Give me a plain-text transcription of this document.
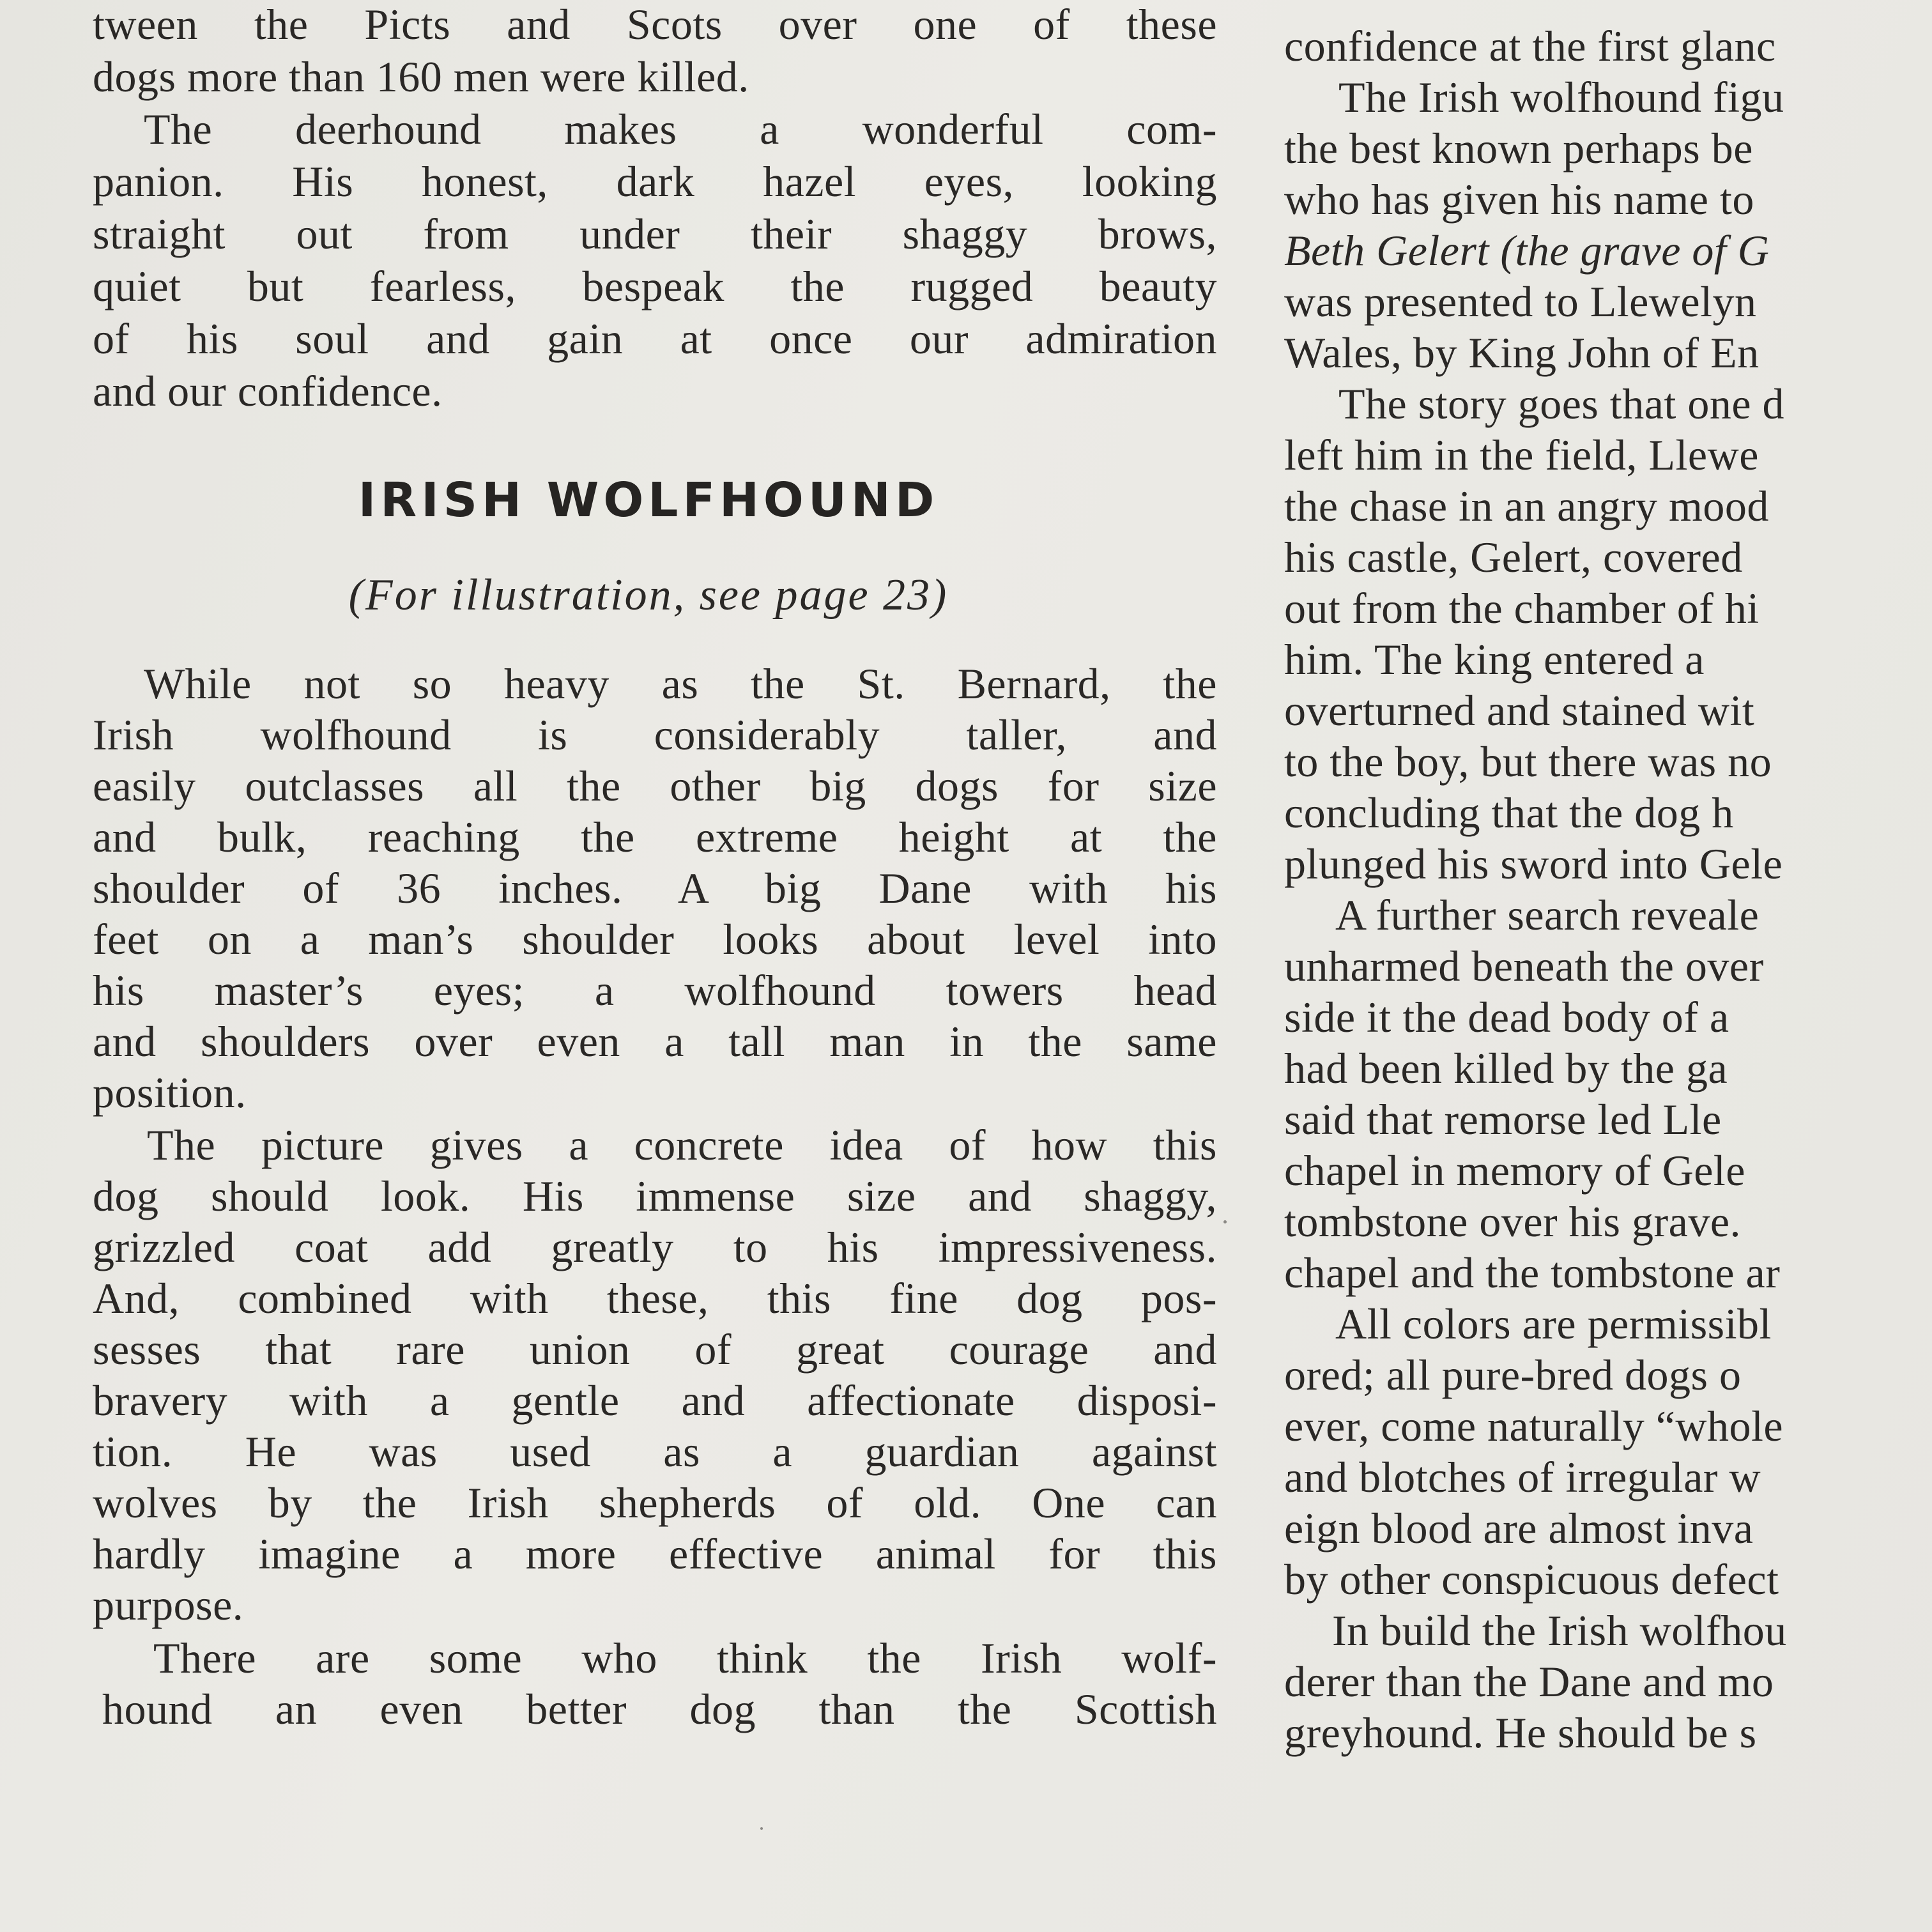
tween the Picts and Scots over one of these
dogs more than 160 men were killed.
The deerhound makes a wonderful com-
panion. His honest, dark hazel eyes, looking
straight out from under their shaggy brows,
quiet but fearless, bespeak the rugged beauty
of his soul and gain at once our admiration
and our confidence.
IRISH WOLFHOUND
(For illustration, see page 23)
While not so heavy as the St. Bernard, the
Irish wolfhound is considerably taller, and
easily outclasses all the other big dogs for size
and bulk, reaching the extreme height at the
shoulder of 36 inches. A big Dane with his
feet on a man’s shoulder looks about level into
his master’s eyes; a wolfhound towers head
and shoulders over even a tall man in the same
position.
The picture gives a concrete idea of how this
dog should look. His immense size and shaggy,
grizzled coat add greatly to his impressiveness.
And, combined with these, this fine dog pos-
sesses that rare union of great courage and
bravery with a gentle and affectionate disposi-
tion. He was used as a guardian against
wolves by the Irish shepherds of old. One can
hardly imagine a more effective animal for this
purpose.
There are some who think the Irish wolf-
hound an even better dog than the Scottish
confidence at the first glanc
The Irish wolfhound figu
the best known perhaps be
who has given his name to
Beth Gelert (the grave of G
was presented to Llewelyn
Wales, by King John of En
The story goes that one d
left him in the field, Llewe
the chase in an angry mood
his castle, Gelert, covered
out from the chamber of hi
him. The king entered a
overturned and stained wit
to the boy, but there was no
concluding that the dog h
plunged his sword into Gele
A further search reveale
unharmed beneath the over
side it the dead body of a
had been killed by the ga
said that remorse led Lle
chapel in memory of Gele
tombstone over his grave.
chapel and the tombstone ar
All colors are permissibl
ored; all pure-bred dogs o
ever, come naturally “whole
and blotches of irregular w
eign blood are almost inva
by other conspicuous defect
In build the Irish wolfhou
derer than the Dane and mo
greyhound. He should be s
